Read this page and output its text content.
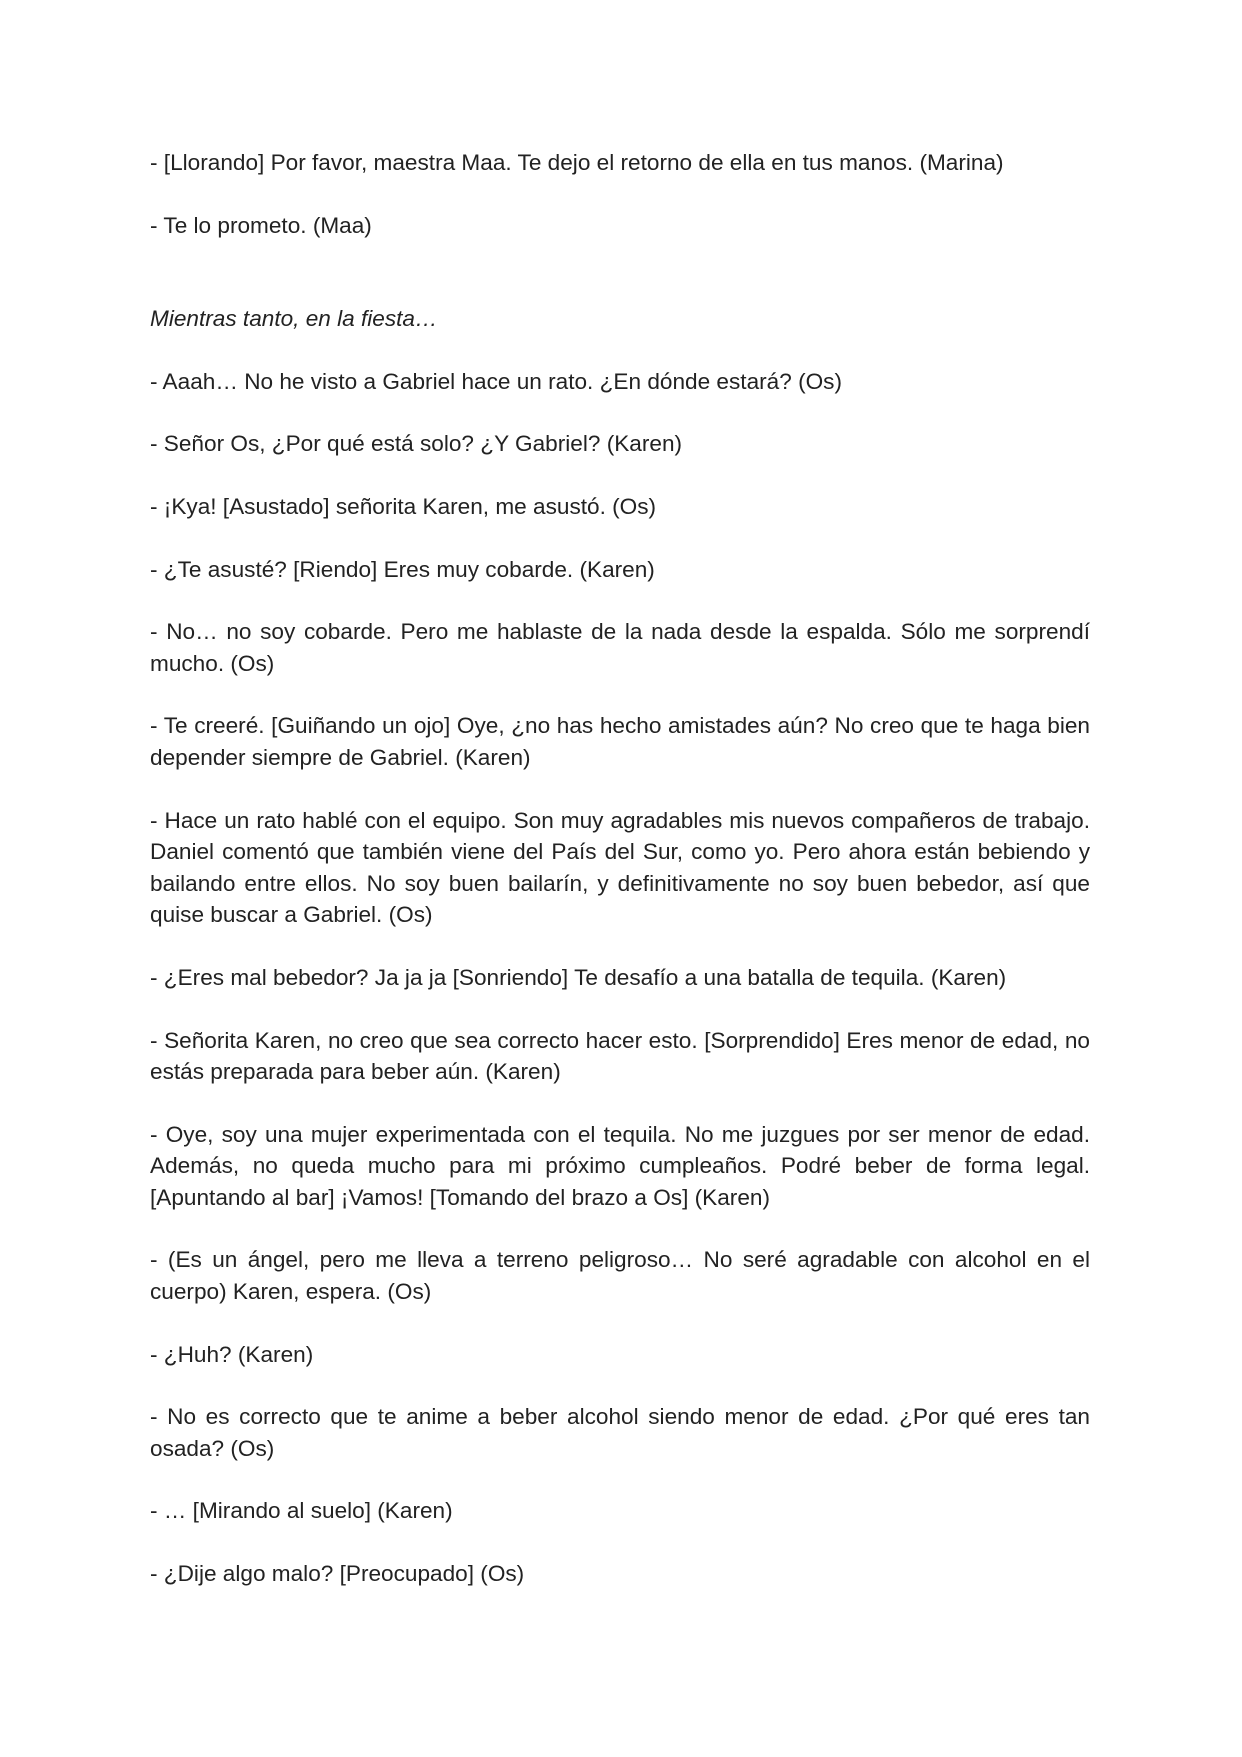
- [Llorando] Por favor, maestra Maa. Te dejo el retorno de ella en tus manos. (Marina)

- Te lo prometo. (Maa)

Mientras tanto, en la fiesta…

- Aaah… No he visto a Gabriel hace un rato. ¿En dónde estará? (Os)

- Señor Os, ¿Por qué está solo? ¿Y Gabriel? (Karen)

- ¡Kya! [Asustado] señorita Karen, me asustó. (Os)

- ¿Te asusté? [Riendo] Eres muy cobarde. (Karen)

- No… no soy cobarde. Pero me hablaste de la nada desde la espalda. Sólo me sorprendí mucho. (Os)

- Te creeré. [Guiñando un ojo] Oye, ¿no has hecho amistades aún? No creo que te haga bien depender siempre de Gabriel. (Karen)

- Hace un rato hablé con el equipo. Son muy agradables mis nuevos compañeros de trabajo. Daniel comentó que también viene del País del Sur, como yo. Pero ahora están bebiendo y bailando entre ellos. No soy buen bailarín, y definitivamente no soy buen bebedor, así que quise buscar a Gabriel. (Os)

- ¿Eres mal bebedor? Ja ja ja [Sonriendo] Te desafío a una batalla de tequila. (Karen)

- Señorita Karen, no creo que sea correcto hacer esto. [Sorprendido] Eres menor de edad, no estás preparada para beber aún. (Karen)

- Oye, soy una mujer experimentada con el tequila. No me juzgues por ser menor de edad. Además, no queda mucho para mi próximo cumpleaños. Podré beber de forma legal. [Apuntando al bar] ¡Vamos! [Tomando del brazo a Os] (Karen)

- (Es un ángel, pero me lleva a terreno peligroso… No seré agradable con alcohol en el cuerpo) Karen, espera. (Os)

- ¿Huh? (Karen)

- No es correcto que te anime a beber alcohol siendo menor de edad. ¿Por qué eres tan osada? (Os)

- … [Mirando al suelo] (Karen)

- ¿Dije algo malo? [Preocupado] (Os)
